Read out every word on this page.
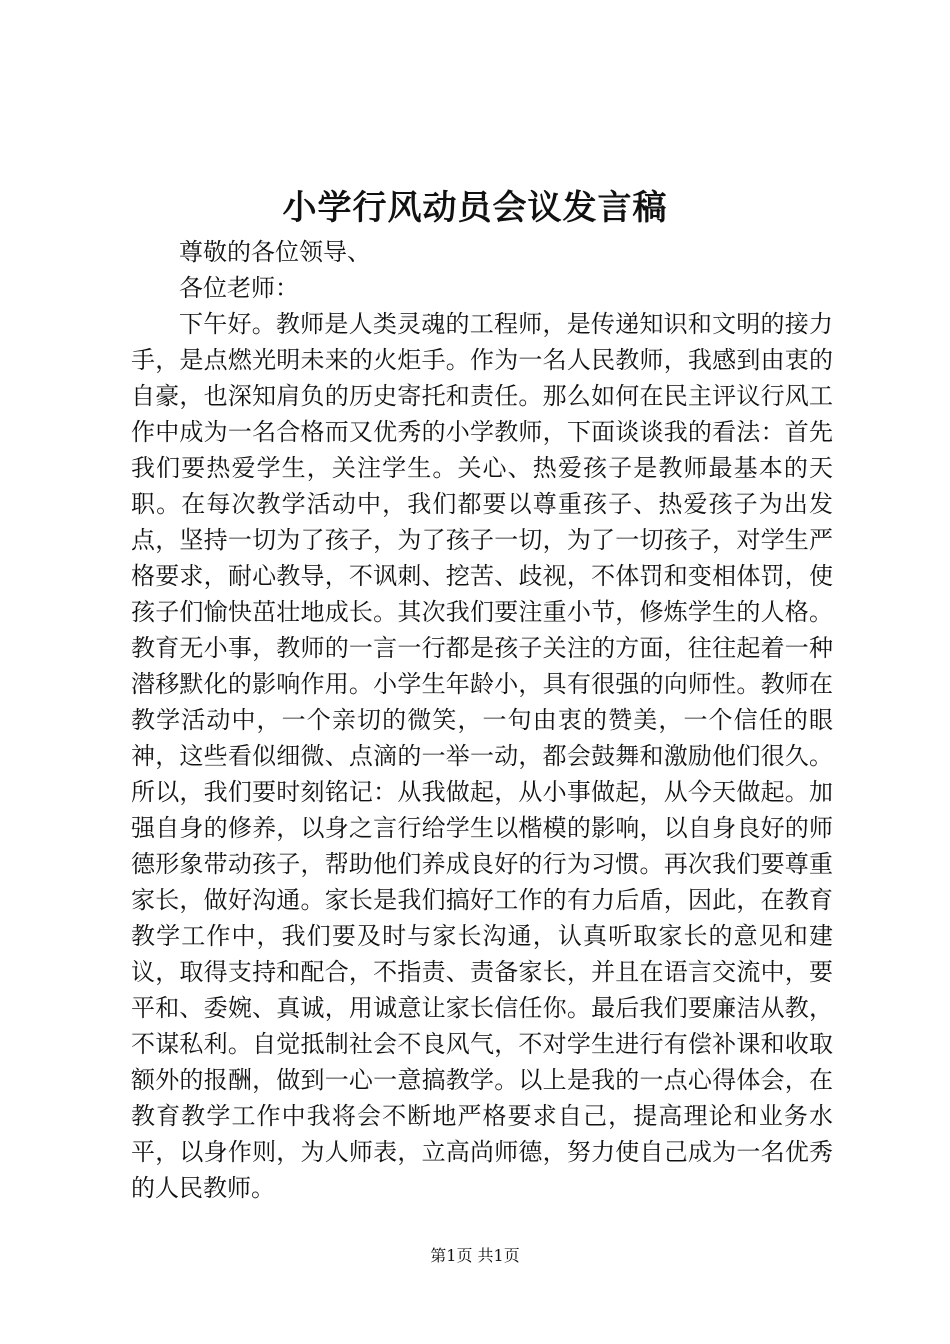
小学行风动员会议发言稿

尊敬的各位领导、

各位老师：

下午好。教师是人类灵魂的工程师，是传递知识和文明的接力手，是点燃光明未来的火炬手。作为一名人民教师，我感到由衷的自豪，也深知肩负的历史寄托和责任。那么如何在民主评议行风工作中成为一名合格而又优秀的小学教师，下面谈谈我的看法：首先我们要热爱学生，关注学生。关心、热爱孩子是教师最基本的天职。在每次教学活动中，我们都要以尊重孩子、热爱孩子为出发点，坚持一切为了孩子，为了孩子一切，为了一切孩子，对学生严格要求，耐心教导，不讽刺、挖苦、歧视，不体罚和变相体罚，使孩子们愉快茁壮地成长。其次我们要注重小节，修炼学生的人格。教育无小事，教师的一言一行都是孩子关注的方面，往往起着一种潜移默化的影响作用。小学生年龄小，具有很强的向师性。教师在教学活动中，一个亲切的微笑，一句由衷的赞美，一个信任的眼神，这些看似细微、点滴的一举一动，都会鼓舞和激励他们很久。所以，我们要时刻铭记：从我做起，从小事做起，从今天做起。加强自身的修养，以身之言行给学生以楷模的影响，以自身良好的师德形象带动孩子，帮助他们养成良好的行为习惯。再次我们要尊重家长，做好沟通。家长是我们搞好工作的有力后盾，因此，在教育教学工作中，我们要及时与家长沟通，认真听取家长的意见和建议，取得支持和配合，不指责、责备家长，并且在语言交流中，要平和、委婉、真诚，用诚意让家长信任你。最后我们要廉洁从教，不谋私利。自觉抵制社会不良风气，不对学生进行有偿补课和收取额外的报酬，做到一心一意搞教学。以上是我的一点心得体会，在教育教学工作中我将会不断地严格要求自己，提高理论和业务水平，以身作则，为人师表，立高尚师德，努力使自己成为一名优秀的人民教师。

第1页 共1页
